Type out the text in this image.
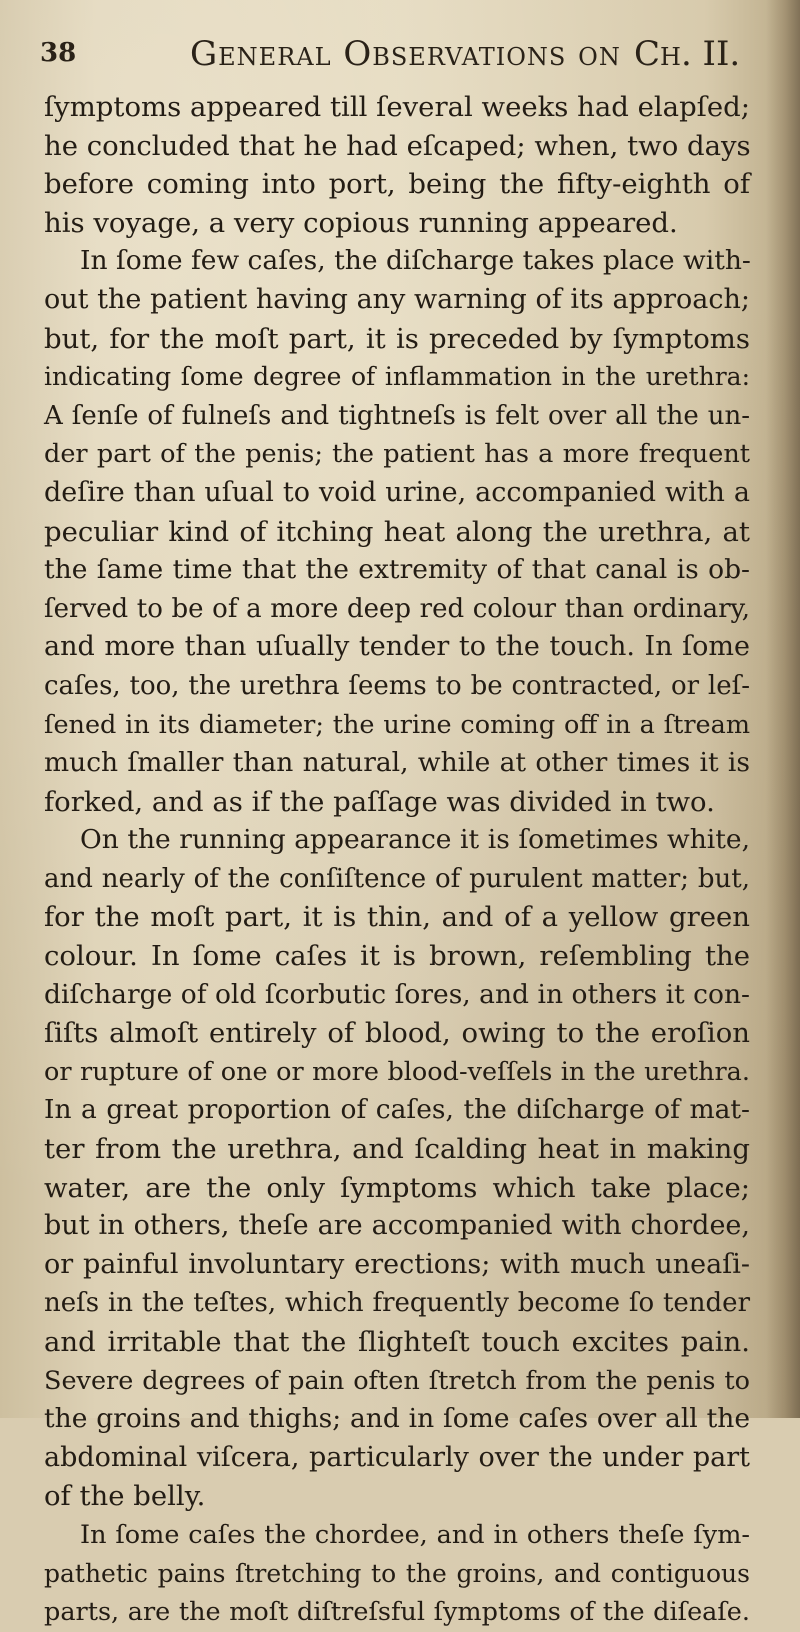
38	General Observations on Ch. II.
ſymptoms appeared till ſeveral weeks had elapſed;
he concluded that he had eſcaped; when, two days
before coming into port, being the fifty-eighth of
his voyage, a very copious running appeared.
In ſome few caſes, the diſcharge takes place with-
out the patient having any warning of its approach;
but, for the moſt part, it is preceded by ſymptoms
indicating ſome degree of inflammation in the urethra:
A ſenſe of fulneſs and tightneſs is felt over all the un-
der part of the penis; the patient has a more frequent
deſire than uſual to void urine, accompanied with a
peculiar kind of itching heat along the urethra, at
the ſame time that the extremity of that canal is ob-
ſerved to be of a more deep red colour than ordinary,
and more than uſually tender to the touch. In ſome
caſes, too, the urethra ſeems to be contracted, or leſ-
ſened in its diameter; the urine coming off in a ſtream
much ſmaller than natural, while at other times it is
forked, and as if the paſſage was divided in two.
On the running appearance it is ſometimes white,
and nearly of the conſiſtence of purulent matter; but,
for the moſt part, it is thin, and of a yellow green
colour. In ſome caſes it is brown, reſembling the
diſcharge of old ſcorbutic ſores, and in others it con-
ſiſts almoſt entirely of blood, owing to the eroſion
or rupture of one or more blood-veſſels in the urethra.
In a great proportion of caſes, the diſcharge of mat-
ter from the urethra, and ſcalding heat in making
water, are the only ſymptoms which take place;
but in others, theſe are accompanied with chordee,
or painful involuntary erections; with much uneaſi-
neſs in the teſtes, which frequently become ſo tender
and irritable that the ſlighteſt touch excites pain.
Severe degrees of pain often ſtretch from the penis to
the groins and thighs; and in ſome caſes over all the
abdominal viſcera, particularly over the under part
of the belly.
In ſome caſes the chordee, and in others theſe ſym-
pathetic pains ſtretching to the groins, and contiguous
parts, are the moſt diſtreſsful ſymptoms of the diſeaſe.
